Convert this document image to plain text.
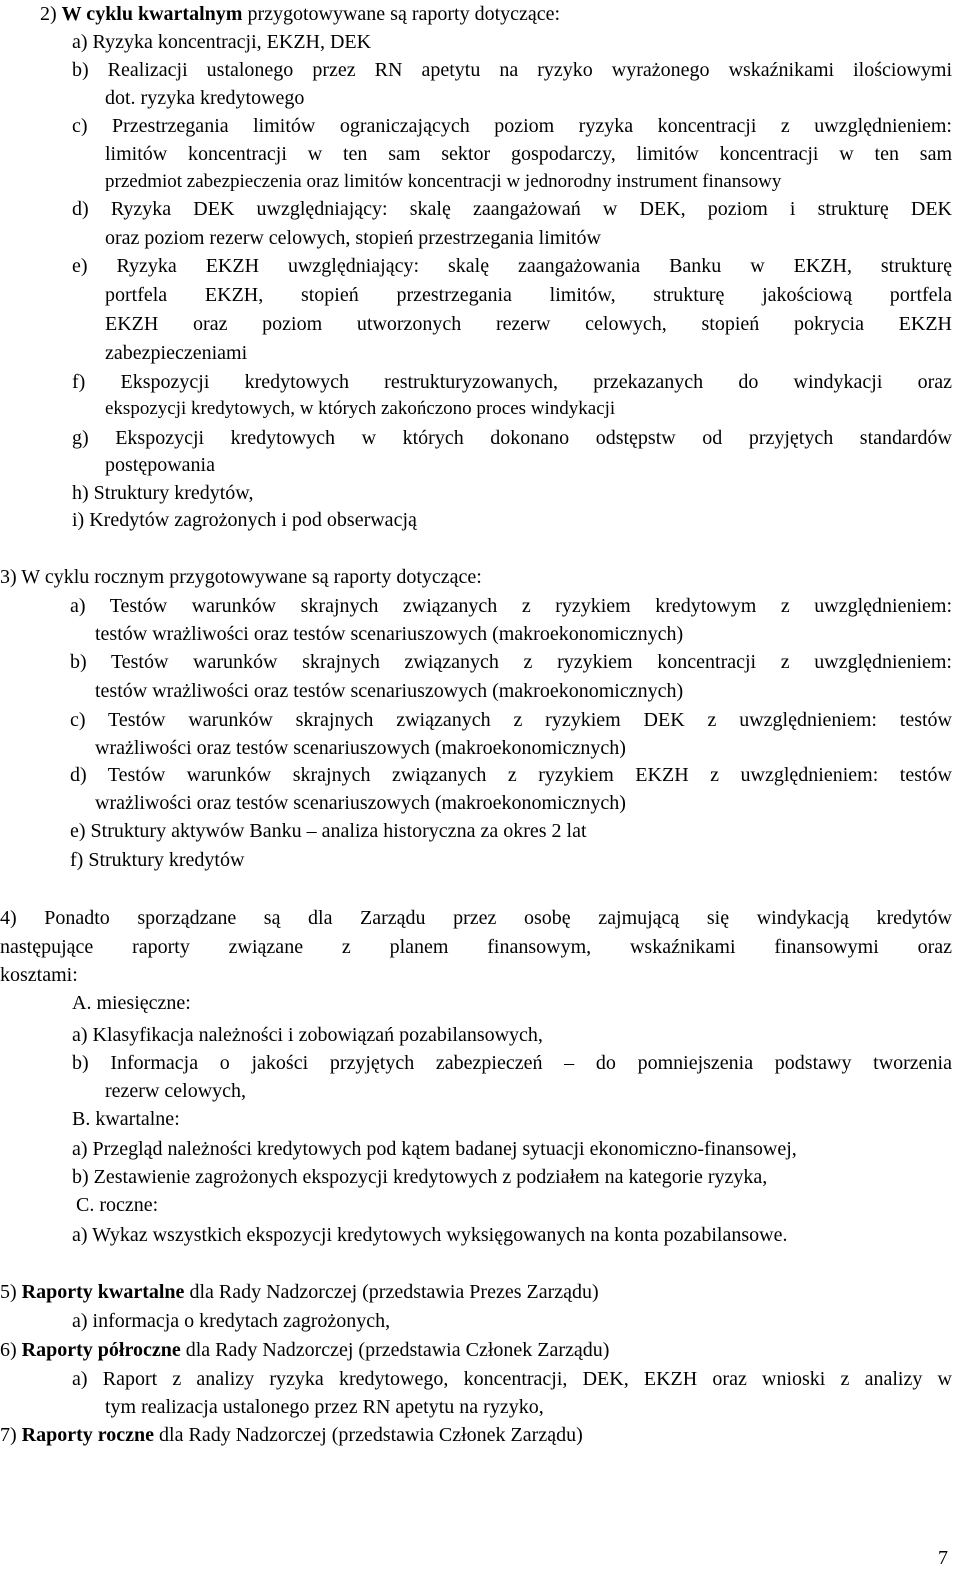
2) W cyklu kwartalnym przygotowywane są raporty dotyczące:
a) Ryzyka koncentracji, EKZH, DEK
b) Realizacji ustalonego przez RN apetytu na ryzyko wyrażonego wskaźnikami ilościowymi
dot. ryzyka kredytowego
c) Przestrzegania limitów ograniczających poziom ryzyka koncentracji z uwzględnieniem:
limitów koncentracji w ten sam sektor gospodarczy, limitów koncentracji w ten sam
przedmiot zabezpieczenia oraz limitów koncentracji w jednorodny instrument finansowy
d) Ryzyka DEK uwzględniający: skalę zaangażowań w DEK, poziom i strukturę DEK
oraz poziom rezerw celowych, stopień przestrzegania limitów
e) Ryzyka EKZH uwzględniający: skalę zaangażowania Banku w EKZH, strukturę
portfela EKZH, stopień przestrzegania limitów, strukturę jakościową portfela
EKZH oraz poziom utworzonych rezerw celowych, stopień pokrycia EKZH
zabezpieczeniami
f) Ekspozycji kredytowych restrukturyzowanych, przekazanych do windykacji oraz
ekspozycji kredytowych, w których zakończono proces windykacji
g) Ekspozycji kredytowych w których dokonano odstępstw od przyjętych standardów
postępowania
h) Struktury kredytów,
i) Kredytów zagrożonych i pod obserwacją
3) W cyklu rocznym przygotowywane są raporty dotyczące:
a) Testów warunków skrajnych związanych z ryzykiem kredytowym z uwzględnieniem:
testów wrażliwości oraz testów scenariuszowych (makroekonomicznych)
b) Testów warunków skrajnych związanych z ryzykiem koncentracji z uwzględnieniem:
testów wrażliwości oraz testów scenariuszowych (makroekonomicznych)
c) Testów warunków skrajnych związanych z ryzykiem DEK z uwzględnieniem: testów
wrażliwości oraz testów scenariuszowych (makroekonomicznych)
d) Testów warunków skrajnych związanych z ryzykiem EKZH z uwzględnieniem: testów
wrażliwości oraz testów scenariuszowych (makroekonomicznych)
e) Struktury aktywów Banku – analiza historyczna za okres 2 lat
f) Struktury kredytów
4) Ponadto sporządzane są dla Zarządu przez osobę zajmującą się windykacją kredytów
następujące raporty związane z planem finansowym, wskaźnikami finansowymi oraz
kosztami:
A. miesięczne:
a) Klasyfikacja należności i zobowiązań pozabilansowych,
b) Informacja o jakości przyjętych zabezpieczeń – do pomniejszenia podstawy tworzenia
rezerw celowych,
B. kwartalne:
a) Przegląd należności kredytowych pod kątem badanej sytuacji ekonomiczno-finansowej,
b) Zestawienie zagrożonych ekspozycji kredytowych z podziałem na kategorie ryzyka,
C. roczne:
a) Wykaz wszystkich ekspozycji kredytowych wyksięgowanych na konta pozabilansowe.
5) Raporty kwartalne dla Rady Nadzorczej (przedstawia Prezes Zarządu)
a) informacja o kredytach zagrożonych,
6) Raporty półroczne dla Rady Nadzorczej (przedstawia Członek Zarządu)
a) Raport z analizy ryzyka kredytowego, koncentracji, DEK, EKZH oraz wnioski z analizy w
tym realizacja ustalonego przez RN apetytu na ryzyko,
7) Raporty roczne dla Rady Nadzorczej (przedstawia Członek Zarządu)
7
